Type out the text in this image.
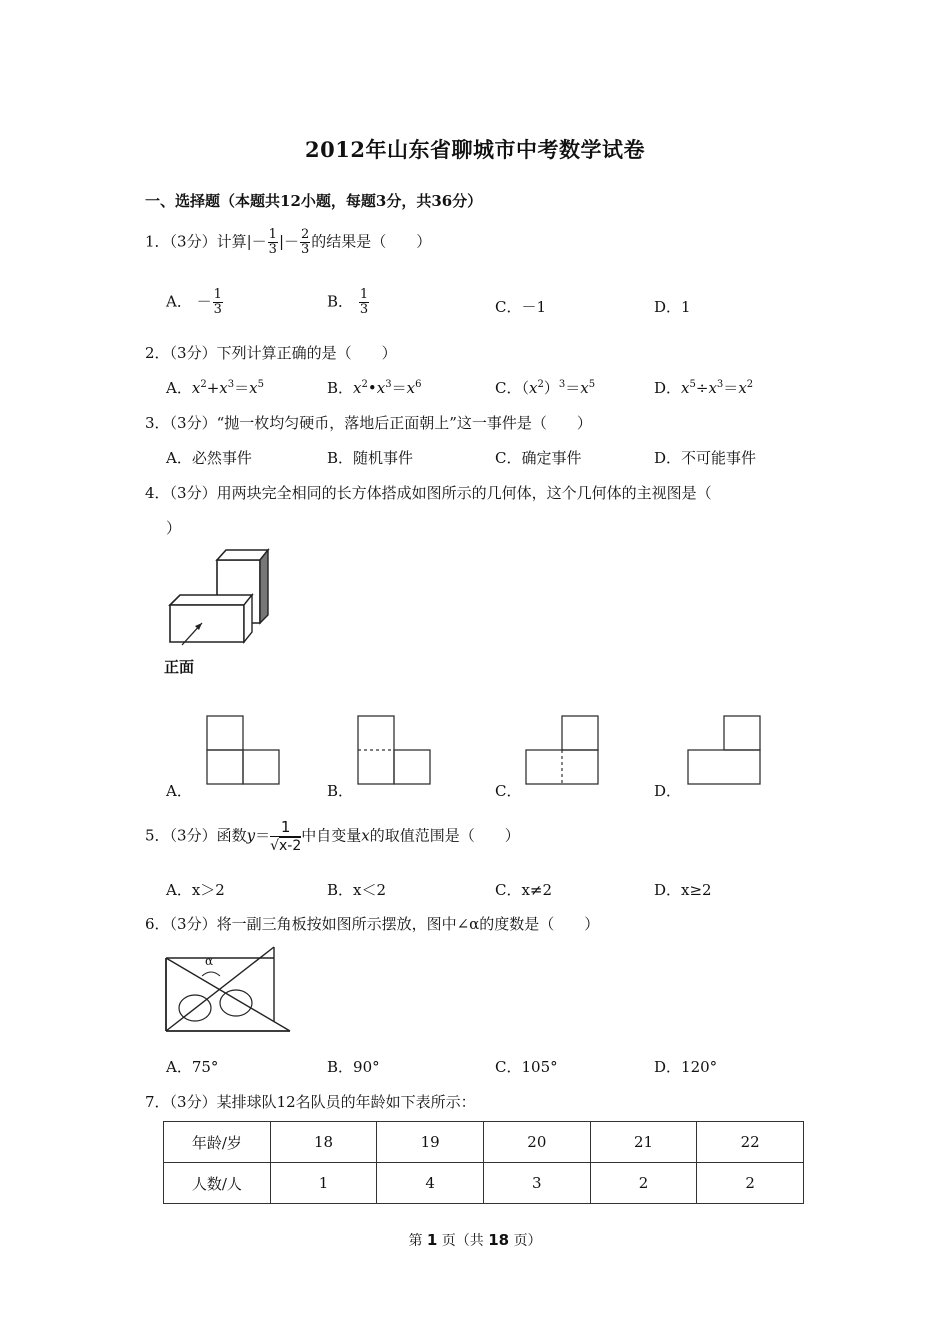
2012年山东省聊城市中考数学试卷
一、选择题（本题共12小题，每题3分，共36分）
1．（3分）计算|－ $\frac{1}{3}$ |－ $\frac{2}{3}$ 的结果是（　　）
A． － $\frac{1}{3}$	B． $\frac{1}{3}$	C．－1	D．1
2．（3分）下列计算正确的是（　　）
A．$x^2+x^3=x^5$	B．$x^2•x^3=x^6$	C．$(x^2)^3=x^5$	D．$x^5\div x^3=x^2$
3．（3分）“抛一枚均匀硬币，落地后正面朝上”这一事件是（　　）
A．必然事件	B．随机事件	C．确定事件	D．不可能事件
4．（3分）用两块完全相同的长方体搭成如图所示的几何体，这个几何体的主视图是（
）
正面
A．	B．	C．	D．
5．（3分）函数$y= \frac{1}{√x-2}$ 中自变量x的取值范围是（　　）
A．x＞2	B．x＜2	C．x≠2	D．x≥2
6．（3分）将一副三角板按如图所示摆放，图中∠α的度数是（　　）
α
A．75°	B．90°	C．105°	D．120°
7．（3分）某排球队12名队员的年龄如下表所示：
年龄/岁	18	19	20	21	22
人数/人	1	4	3	2	2
第 1 页（共 18 页）
